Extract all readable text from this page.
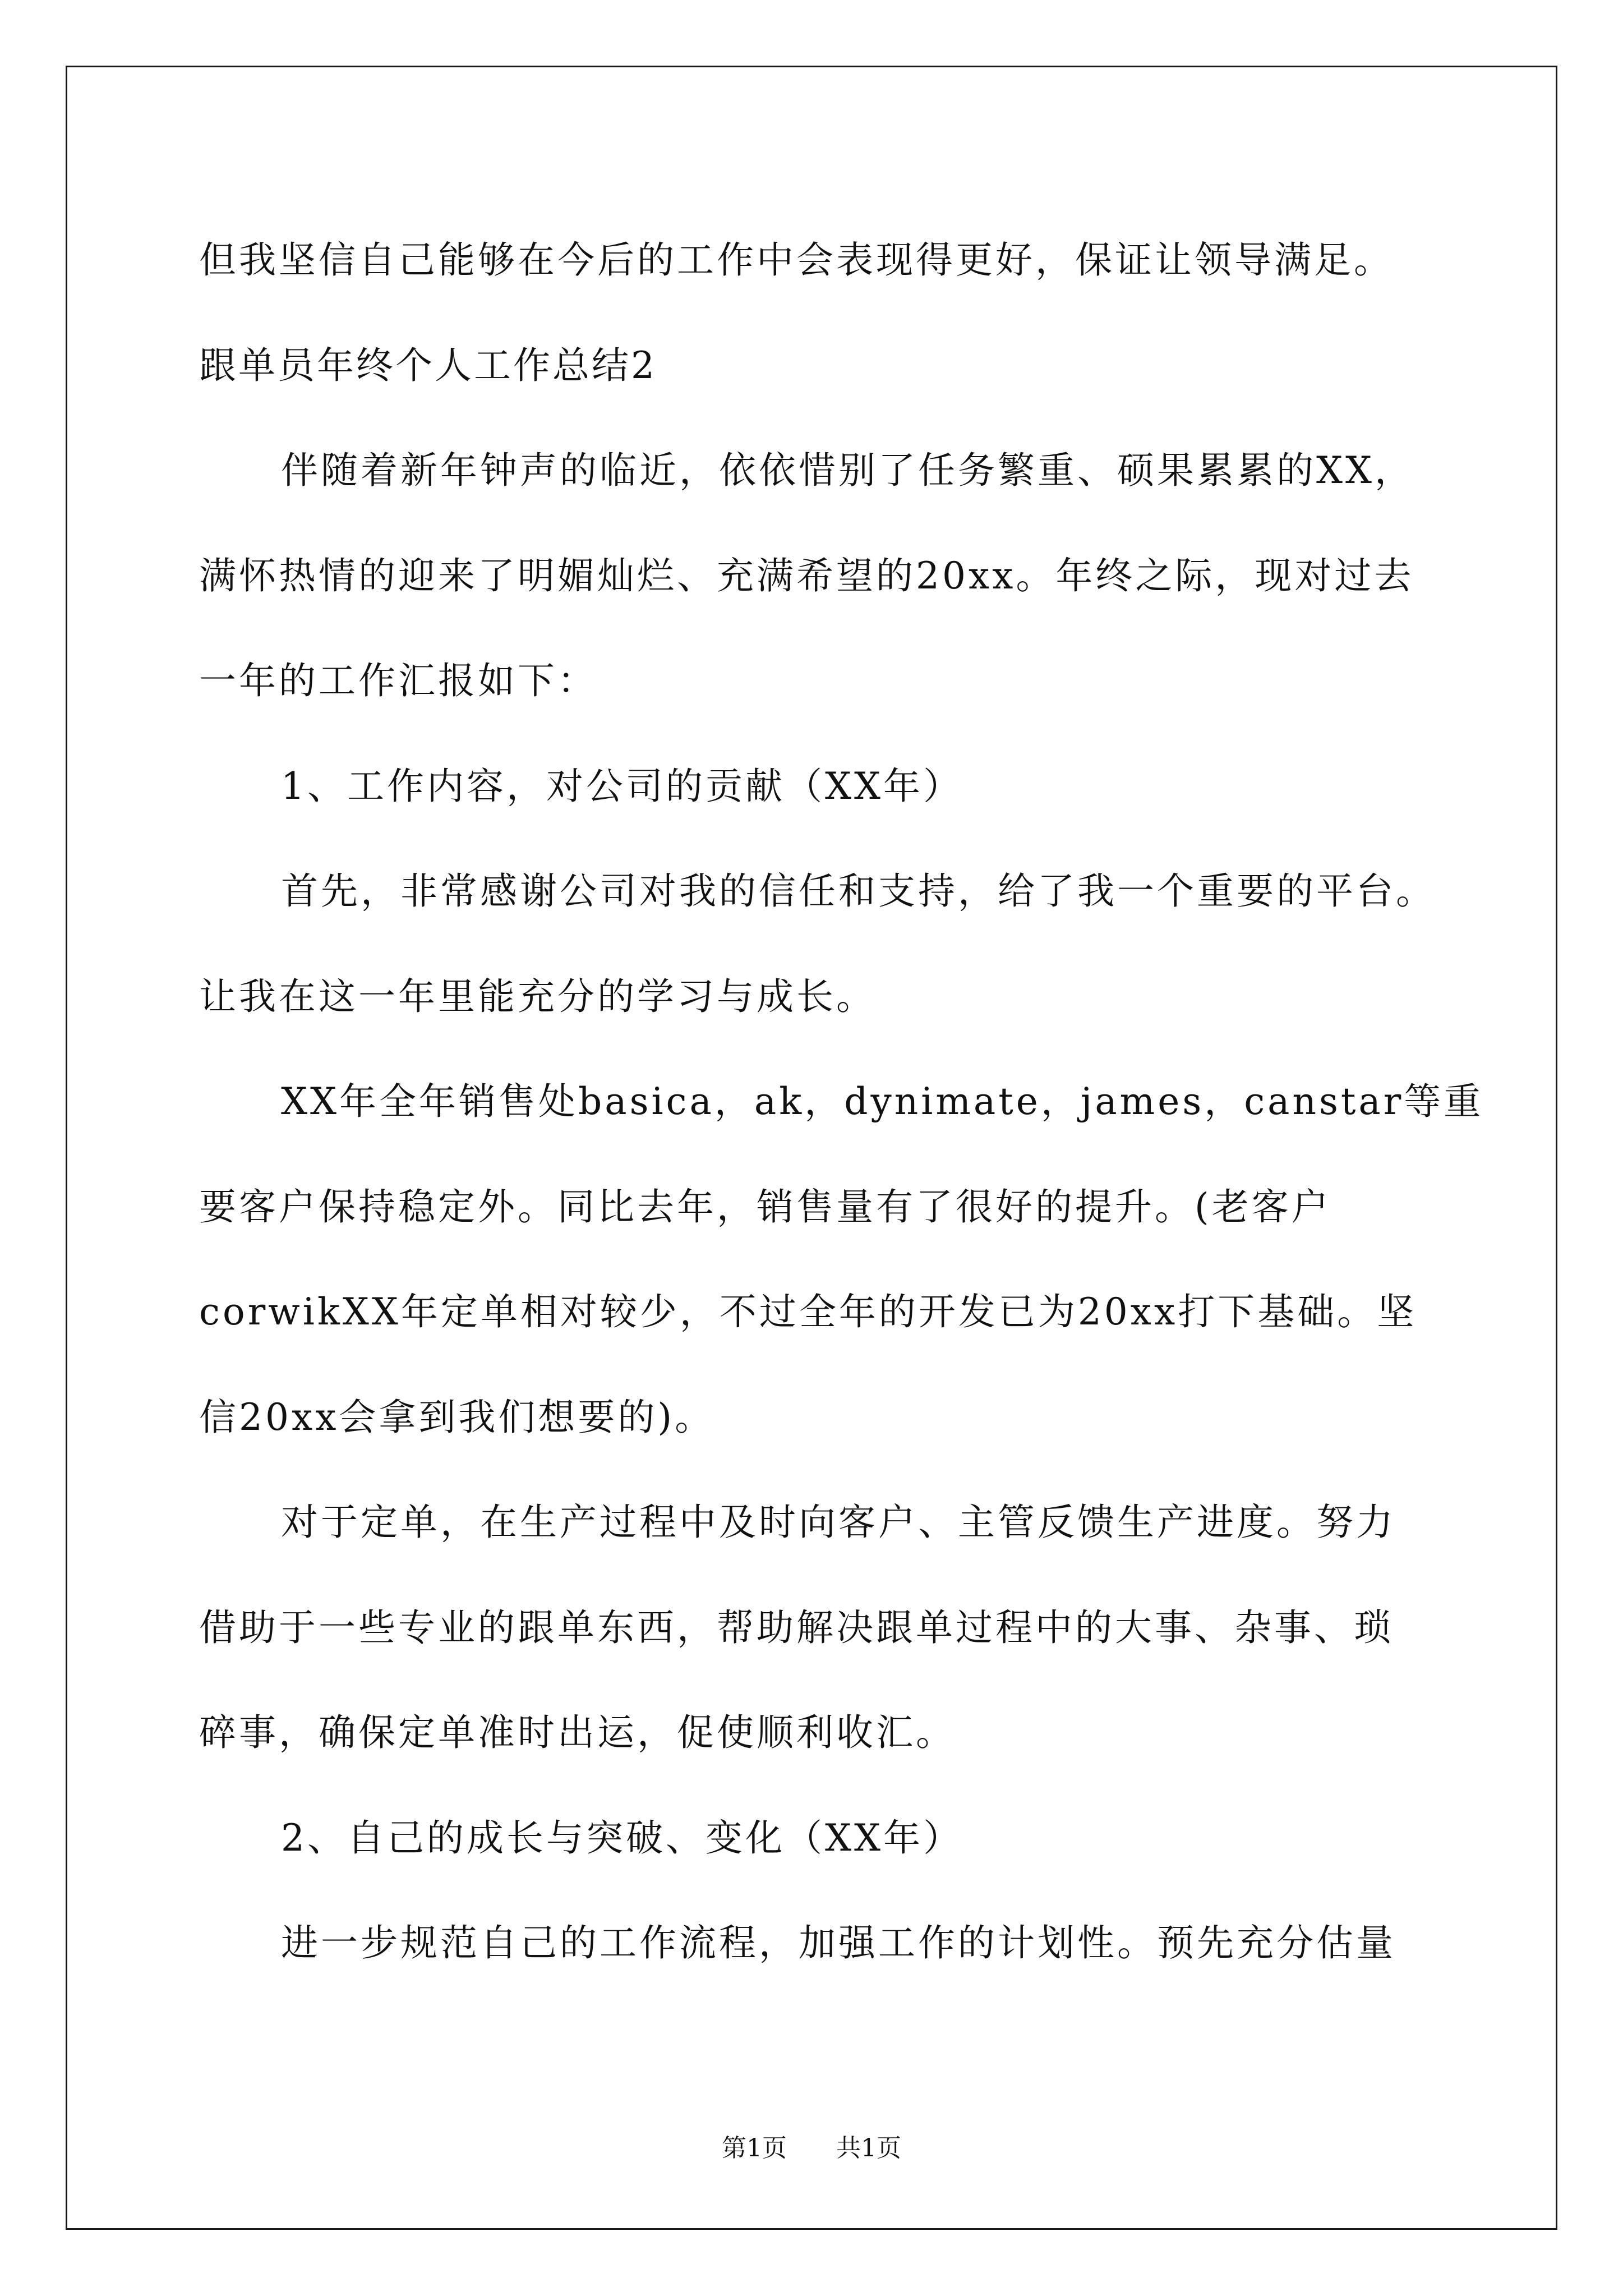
但我坚信自己能够在今后的工作中会表现得更好，保证让领导满足。
跟单员年终个人工作总结2
伴随着新年钟声的临近，依依惜别了任务繁重、硕果累累的XX，
满怀热情的迎来了明媚灿烂、充满希望的20xx。年终之际，现对过去
一年的工作汇报如下：
1、工作内容，对公司的贡献（XX年）
首先，非常感谢公司对我的信任和支持，给了我一个重要的平台。
让我在这一年里能充分的学习与成长。
XX年全年销售处basica，ak，dynimate，james，canstar等重
要客户保持稳定外。同比去年，销售量有了很好的提升。(老客户
corwikXX年定单相对较少，不过全年的开发已为20xx打下基础。坚
信20xx会拿到我们想要的)。
对于定单，在生产过程中及时向客户、主管反馈生产进度。努力
借助于一些专业的跟单东西，帮助解决跟单过程中的大事、杂事、琐
碎事，确保定单准时出运，促使顺利收汇。
2、自己的成长与突破、变化（XX年）
进一步规范自己的工作流程，加强工作的计划性。预先充分估量
第1页 共1页
